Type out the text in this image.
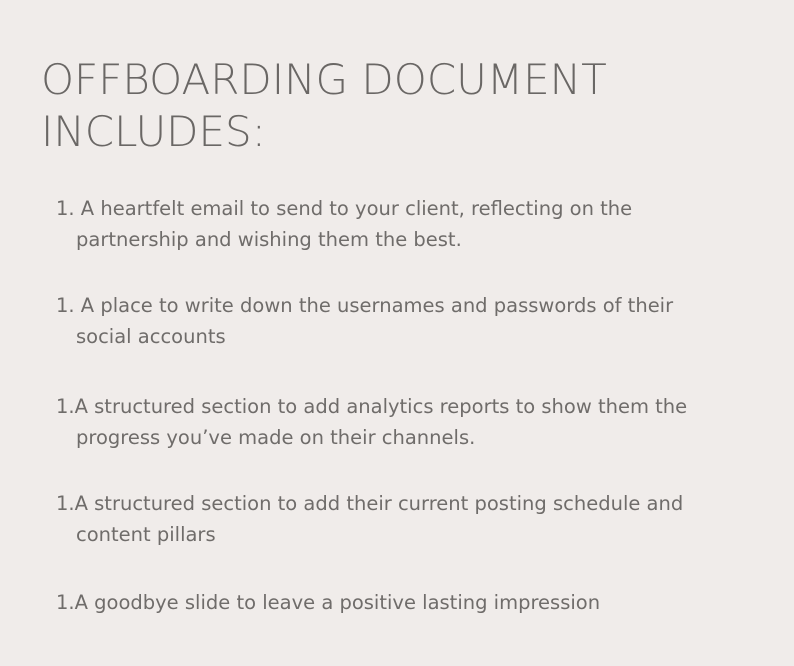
OFFBOARDING DOCUMENT
INCLUDES:
1. A heartfelt email to send to your client, reflecting on the
partnership and wishing them the best.
1. A place to write down the usernames and passwords of their
social accounts
1.A structured section to add analytics reports to show them the
progress you’ve made on their channels.
1.A structured section to add their current posting schedule and
content pillars
1.A goodbye slide to leave a positive lasting impression
